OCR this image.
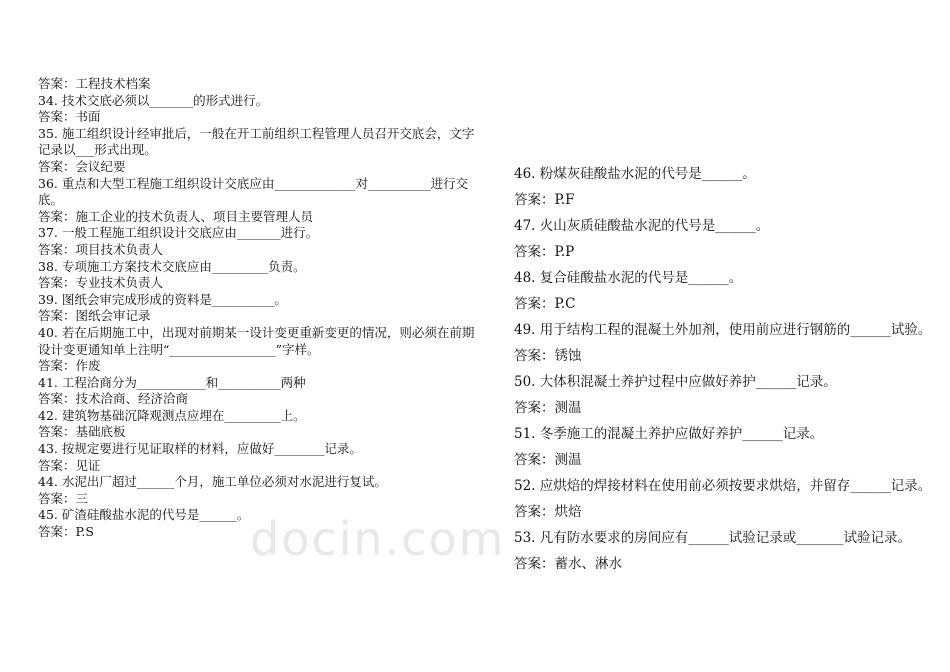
答案：工程技术档案
34. 技术交底必须以_______的形式进行。
答案：书面
35. 施工组织设计经审批后，一般在开工前组织工程管理人员召开交底会，文字
记录以___形式出现。
答案：会议纪要
36. 重点和大型工程施工组织设计交底应由_____________对__________进行交
底。
答案：施工企业的技术负责人、项目主要管理人员
37. 一般工程施工组织设计交底应由_______进行。
答案：项目技术负责人
38. 专项施工方案技术交底应由_________负责。
答案：专业技术负责人
39. 图纸会审完成形成的资料是__________。
答案：图纸会审记录
40. 若在后期施工中，出现对前期某一设计变更重新变更的情况，则必须在前期
设计变更通知单上注明“_________________”字样。
答案：作废
41. 工程洽商分为___________和__________两种
答案：技术洽商、经济洽商
42. 建筑物基础沉降观测点应埋在_________上。
答案：基础底板
43. 按规定要进行见证取样的材料，应做好________记录。
答案：见证
44. 水泥出厂超过______个月，施工单位必须对水泥进行复试。
答案：三
45. 矿渣硅酸盐水泥的代号是______。
答案：P.S
46. 粉煤灰硅酸盐水泥的代号是______。
答案：P.F
47. 火山灰质硅酸盐水泥的代号是______。
答案：P.P
48. 复合硅酸盐水泥的代号是______。
答案：P.C
49. 用于结构工程的混凝土外加剂，使用前应进行钢筋的______试验。
答案：锈蚀
50. 大体积混凝土养护过程中应做好养护______记录。
答案：测温
51. 冬季施工的混凝土养护应做好养护______记录。
答案：测温
52. 应烘焙的焊接材料在使用前必须按要求烘焙，并留存______记录。
答案：烘焙
53. 凡有防水要求的房间应有______试验记录或_______试验记录。
答案：蓄水、淋水
docin.com
